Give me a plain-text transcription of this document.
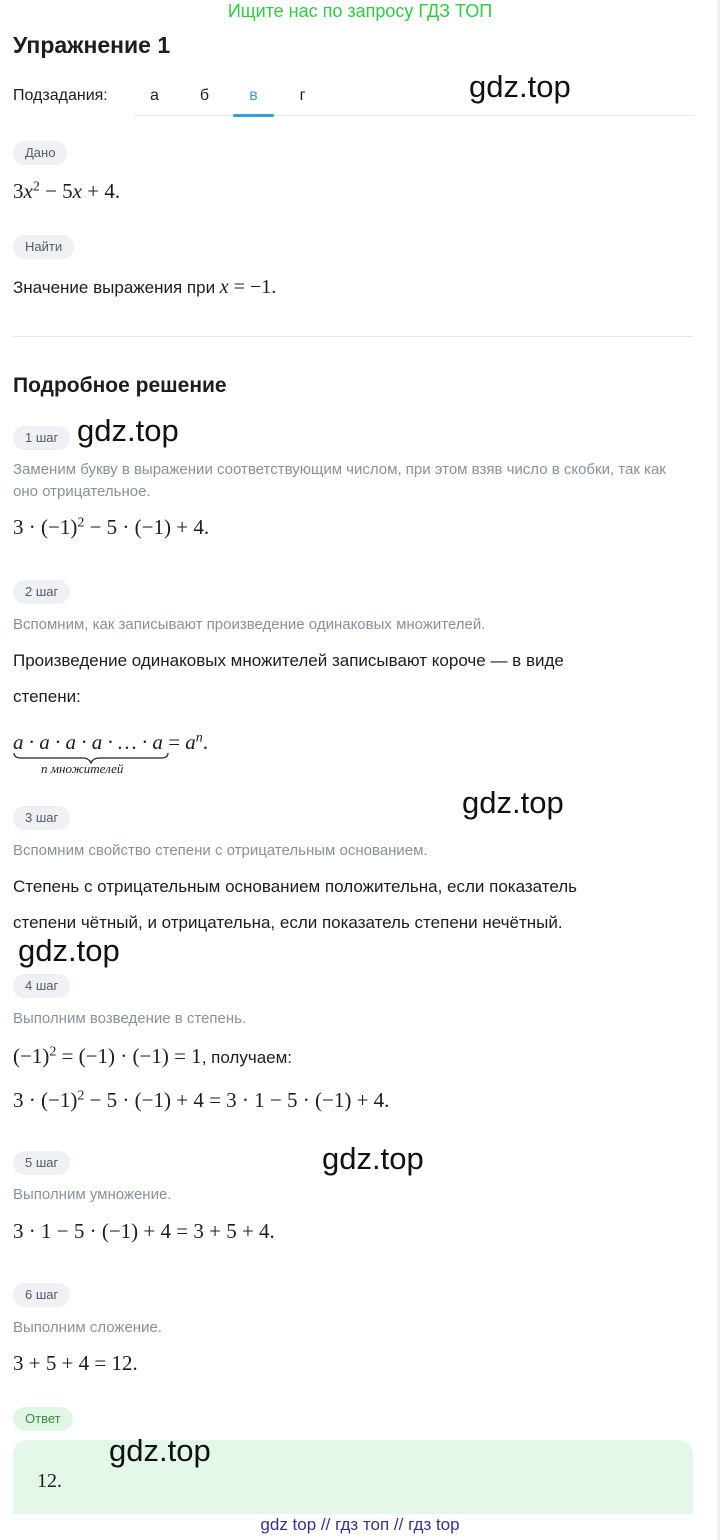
Ищите нас по запросу ГДЗ ТОП
Упражнение 1
Подзадания:	а	б	в	г	gdz.top
gdz.top
gdz.top
gdz.top
gdz.top
gdz.top
Дано
$3x^2 - 5x + 4$.
Найти
Значение выражения при x = −1.
Подробное решение
1 шаг
Заменим букву в выражении соответствующим числом, при этом взяв число в скобки, так как оно отрицательное.
$3 \cdot (-1)^2 - 5 \cdot (-1) + 4$.
2 шаг
Вспомним, как записывают произведение одинаковых множителей.
Произведение одинаковых множителей записывают короче — в виде
степени:
a · a · a · a · … · $a = a^n$.
n множителей
3 шаг
Вспомним свойство степени с отрицательным основанием.
Степень с отрицательным основанием положительна, если показатель
степени чётный, и отрицательна, если показатель степени нечётный.
4 шаг
Выполним возведение в степень.
$(-1)^2 = (-1) \cdot (-1) = 1$, получаем:
$3 \cdot (-1)^2 - 5 \cdot (-1) + 4 = 3 \cdot 1 - 5 \cdot (-1) + 4$.
5 шаг
Выполним умножение.
3 · 1 − 5 · (−1) + 4 = 3 + 5 + 4.
6 шаг
Выполним сложение.
3 + 5 + 4 = 12.
Ответ
12.
gdz top // гдз топ // гдз top
